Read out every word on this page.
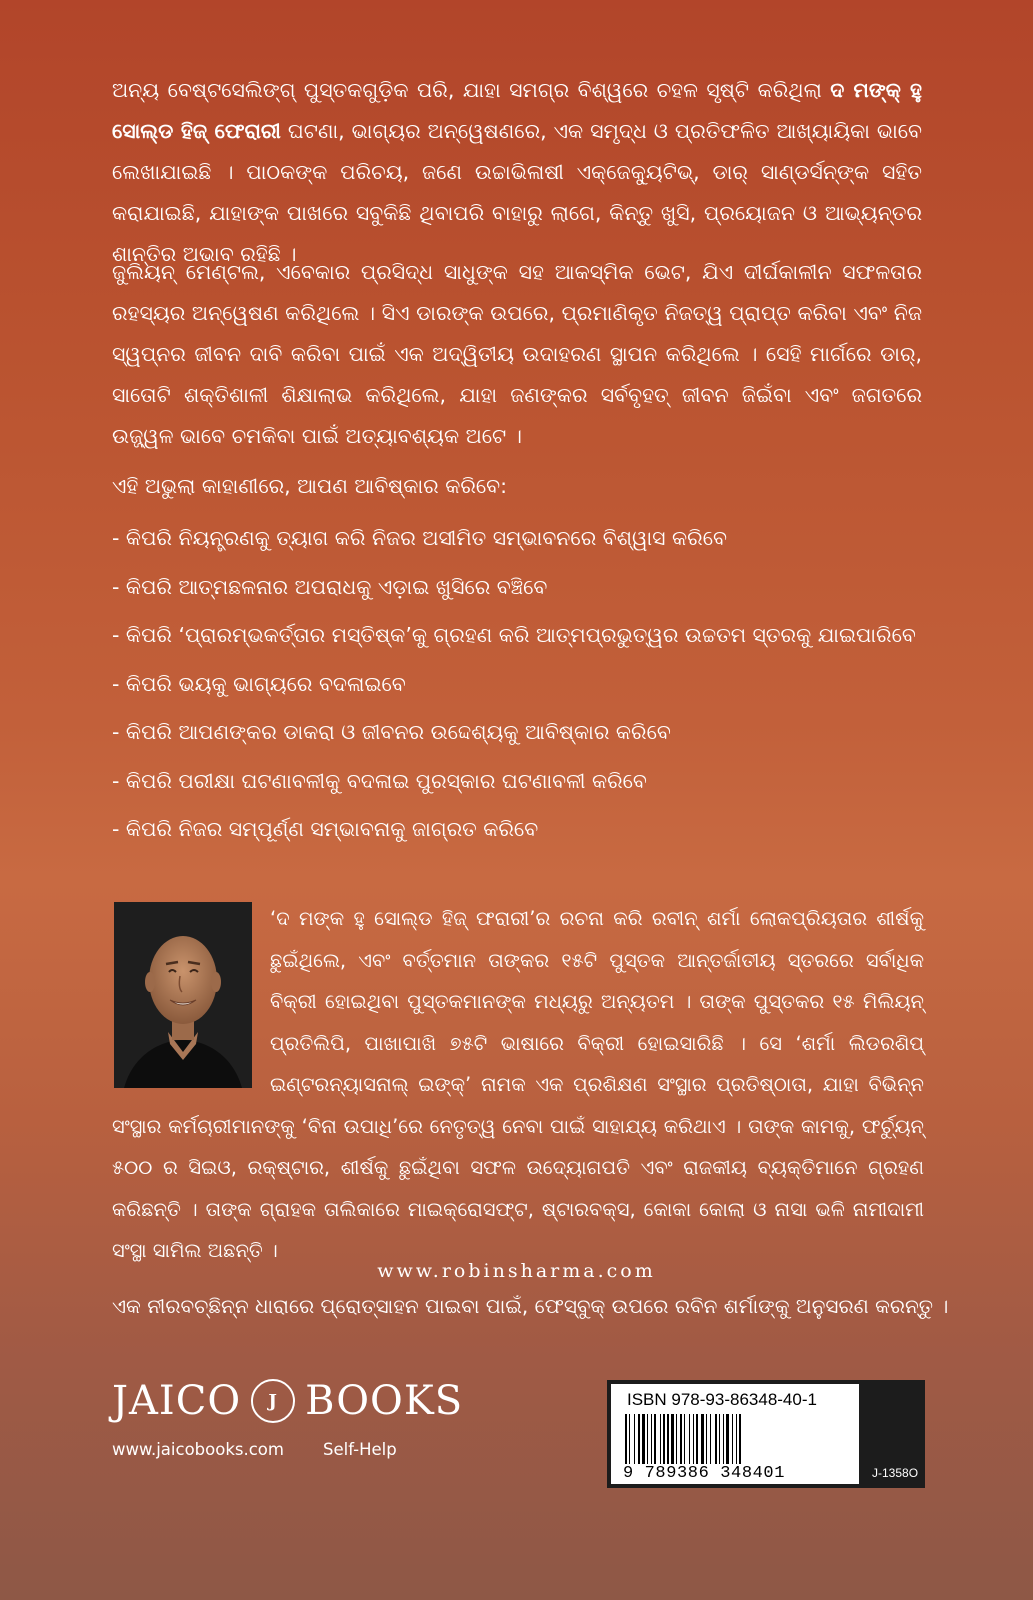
ଅନ୍ୟ ବେଷ୍ଟସେଲିଙ୍ଗ୍ ପୁସ୍ତକଗୁଡ଼ିକ ପରି, ଯାହା ସମଗ୍ର ବିଶ୍ୱରେ ଚହଳ ସୃଷ୍ଟି କରିଥିଲା ଦ ମଙ୍କ୍ ହୁ ସୋଲ୍ଡ ହିଜ୍ ଫେରାରୀ ଘଟଣା, ଭାଗ୍ୟର ଅନ୍ୱେଷଣରେ, ଏକ ସମୃଦ୍ଧ ଓ ପ୍ରତିଫଳିତ ଆଖ୍ୟାୟିକା ଭାବେ ଲେଖାଯାଇଛି । ପାଠକଙ୍କ ପରିଚୟ, ଜଣେ ଉଚ୍ଚାଭିଳାଷୀ ଏକ୍ଜେକ୍ୟୁଟିଭ୍, ଡାର୍ ସାଣ୍ଡର୍ସନ୍‌ଙ୍କ ସହିତ କରାଯାଇଛି, ଯାହାଙ୍କ ପାଖରେ ସବୁକିଛି ଥିବାପରି ବାହାରୁ ଲାଗେ, କିନ୍ତୁ ଖୁସି, ପ୍ରୟୋଜନ ଓ ଆଭ୍ୟନ୍ତର ଶାନ୍ତିର ଅଭାବ ରହିଛି ।
ଜୁଲିୟନ୍ ମେଣ୍ଟଲ, ଏବେକାର ପ୍ରସିଦ୍ଧ ସାଧୁଙ୍କ ସହ ଆକସ୍ମିକ ଭେଟ, ଯିଏ ଦୀର୍ଘକାଳୀନ ସଫଳତାର ରହସ୍ୟର ଅନ୍ୱେଷଣ କରିଥିଲେ । ସିଏ ଡାରଙ୍କ ଉପରେ, ପ୍ରମାଣିକୃତ ନିଜତ୍ୱ ପ୍ରାପ୍ତ କରିବା ଏବଂ ନିଜ ସ୍ୱପ୍ନର ଜୀବନ ଦାବି କରିବା ପାଇଁ ଏକ ଅଦ୍ୱିତୀୟ ଉଦାହରଣ ସ୍ଥାପନ କରିଥିଲେ । ସେହି ମାର୍ଗରେ ଡାର୍, ସାତୋଟି ଶକ୍ତିଶାଳୀ ଶିକ୍ଷାଲାଭ କରିଥିଲେ, ଯାହା ଜଣଙ୍କର ସର୍ବବୃହତ୍ ଜୀବନ ଜିଇଁବା ଏବଂ ଜଗତରେ ଉଜ୍ଜ୍ୱଳ ଭାବେ ଚମକିବା ପାଇଁ ଅତ୍ୟାବଶ୍ୟକ ଅଟେ ।
ଏହି ଅଭୁଲା କାହାଣୀରେ, ଆପଣ ଆବିଷ୍କାର କରିବେ:
- କିପରି ନିୟନ୍ତ୍ରଣକୁ ତ୍ୟାଗ କରି ନିଜର ଅସୀମିତ ସମ୍ଭାବନରେ ବିଶ୍ୱାସ କରିବେ
- କିପରି ଆତ୍ମଛଳନାର ଅପରାଧକୁ ଏଡ଼ାଇ ଖୁସିରେ ବଞ୍ଚିବେ
- କିପରି ‘ପ୍ରାରମ୍ଭକର୍ତ୍ତାର ମସ୍ତିଷ୍କ’କୁ ଗ୍ରହଣ କରି ଆତ୍ମପ୍ରଭୁତ୍ୱର ଉଚ୍ଚତମ ସ୍ତରକୁ ଯାଇପାରିବେ
- କିପରି ଭୟକୁ ଭାଗ୍ୟରେ ବଦଳାଇବେ
- କିପରି ଆପଣଙ୍କର ଡାକରା ଓ ଜୀବନର ଉଦ୍ଦେଶ୍ୟକୁ ଆବିଷ୍କାର କରିବେ
- କିପରି ପରୀକ୍ଷା ଘଟଣାବଳୀକୁ ବଦଳାଇ ପୁରସ୍କାର ଘଟଣାବଳୀ କରିବେ
- କିପରି ନିଜର ସମ୍ପୂର୍ଣ୍ଣ ସମ୍ଭାବନାକୁ ଜାଗ୍ରତ କରିବେ
‘ଦ ମଙ୍କ ହୁ ସୋଲ୍ଡ ହିଜ୍ ଫରାରୀ’ର ରଚନା କରି ରବୀନ୍ ଶର୍ମା ଲୋକପ୍ରିୟତାର ଶୀର୍ଷକୁ ଛୁଇଁଥିଲେ, ଏବଂ ବର୍ତ୍ତମାନ ତାଙ୍କର ୧୫ଟି ପୁସ୍ତକ ଆନ୍ତର୍ଜାତୀୟ ସ୍ତରରେ ସର୍ବାଧିକ ବିକ୍ରୀ ହୋଇଥିବା ପୁସ୍ତକମାନଙ୍କ ମଧ୍ୟରୁ ଅନ୍ୟତମ । ତାଙ୍କ ପୁସ୍ତକର ୧୫ ମିଲିୟନ୍ ପ୍ରତିଲିପି, ପାଖାପାଖି ୭୫ଟି ଭାଷାରେ ବିକ୍ରୀ ହୋଇସାରିଛି । ସେ ‘ଶର୍ମା ଲିଡରଶିପ୍ ଇଣ୍ଟରନ୍ୟାସନାଲ୍ ଇଙ୍କ୍’ ନାମକ ଏକ ପ୍ରଶିକ୍ଷଣ ସଂସ୍ଥାର ପ୍ରତିଷ୍ଠାତା, ଯାହା ବିଭିନ୍ନ ସଂସ୍ଥାର କର୍ମଚାରୀମାନଙ୍କୁ ‘ବିନା ଉପାଧି’ରେ ନେତୃତ୍ୱ ନେବା ପାଇଁ ସାହାଯ୍ୟ କରିଥାଏ । ତାଙ୍କ କାମକୁ, ଫର୍ଚ୍ୟୁନ୍ ୫୦୦ ର ସିଇଓ, ରକ୍‌ଷ୍ଟାର, ଶୀର୍ଷକୁ ଛୁଇଁଥିବା ସଫଳ ଉଦ୍ୟୋଗପତି ଏବଂ ରାଜକୀୟ ବ୍ୟକ୍ତିମାନେ ଗ୍ରହଣ କରିଛନ୍ତି । ତାଙ୍କ ଗ୍ରାହକ ତାଲିକାରେ ମାଇକ୍ରୋସଫ୍ଟ, ଷ୍ଟାରବକ୍ସ, କୋକା କୋଲା ଓ ନାସା ଭଳି ନାମୀଦାମୀ ସଂସ୍ଥା ସାମିଲ ଅଛନ୍ତି ।
www.robinsharma.com
ଏକ ନୀରବଚ୍ଛିନ୍ନ ଧାରାରେ ପ୍ରୋତ୍ସାହନ ପାଇବା ପାଇଁ, ଫେସ୍‌ବୁକ୍ ଉପରେ ରବିନ ଶର୍ମାଙ୍କୁ ଅନୁସରଣ କରନ୍ତୁ ।
JAICO	J BOOKS
www.jaicobooks.com Self-Help
ISBN 978-93-86348-40-1
9 789386 348401	J-1358O
